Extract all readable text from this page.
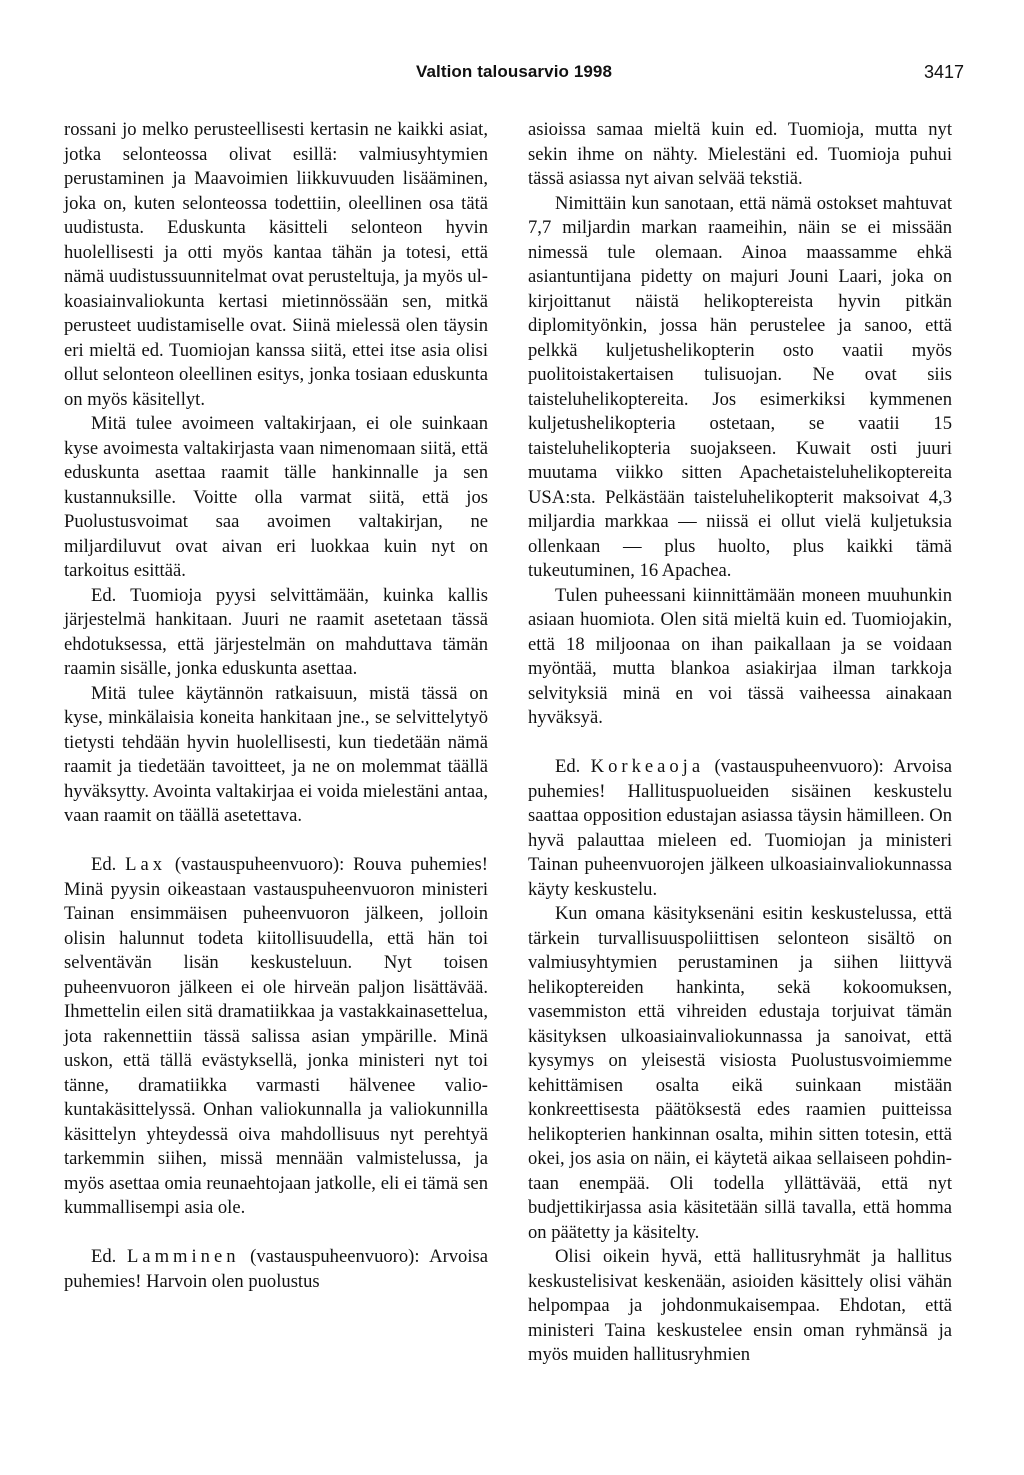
Valtion talousarvio 1998	3417

rossani jo melko perusteellisesti kertasin ne kaikki asiat, jotka selonteossa olivat esillä: valmiusyhtymien perustaminen ja Maavoimien liikkuvuuden lisääminen, joka on, kuten selonteossa todettiin, oleellinen osa tätä uudistusta. Eduskunta käsitteli selonteon hyvin huolellisesti ja otti myös kantaa tähän ja totesi, että nämä uudistussuunnitelmat ovat perusteltuja, ja myös ulkoasiainvaliokunta kertasi mietinnössään sen, mitkä perusteet uudistamiselle ovat. Siinä mielessä olen täysin eri mieltä ed. Tuomiojan kanssa siitä, ettei itse asia olisi ollut selonteon oleellinen esitys, jonka tosiaan eduskunta on myös käsitellyt.

Mitä tulee avoimeen valtakirjaan, ei ole suinkaan kyse avoimesta valtakirjasta vaan nimenomaan siitä, että eduskunta asettaa raamit tälle hankinnalle ja sen kustannuksille. Voitte olla varmat siitä, että jos Puolustusvoimat saa avoimen valtakirjan, ne miljardiluvut ovat aivan eri luokkaa kuin nyt on tarkoitus esittää.

Ed. Tuomioja pyysi selvittämään, kuinka kallis järjestelmä hankitaan. Juuri ne raamit asetetaan tässä ehdotuksessa, että järjestelmän on mahduttava tämän raamin sisälle, jonka eduskunta asettaa.

Mitä tulee käytännön ratkaisuun, mistä tässä on kyse, minkälaisia koneita hankitaan jne., se selvittelytyö tietysti tehdään hyvin huolellisesti, kun tiedetään nämä raamit ja tiedetään tavoitteet, ja ne on molemmat täällä hyväksytty. Avointa valtakirjaa ei voida mielestäni antaa, vaan raamit on täällä asetettava.

Ed. Lax (vastauspuheenvuoro): Rouva puhemies! Minä pyysin oikeastaan vastauspuheenvuoron ministeri Tainan ensimmäisen puheenvuoron jälkeen, jolloin olisin halunnut todeta kiitollisuudella, että hän toi selventävän lisän keskusteluun. Nyt toisen puheenvuoron jälkeen ei ole hirveän paljon lisättävää. Ihmettelin eilen sitä dramatiikkaa ja vastakkainasettelua, jota rakennettiin tässä salissa asian ympärille. Minä uskon, että tällä evästyksellä, jonka ministeri nyt toi tänne, dramatiikka varmasti hälvenee valiokuntakäsittelyssä. Onhan valiokunnalla ja valiokunnilla käsittelyn yhteydessä oiva mahdollisuus nyt perehtyä tarkemmin siihen, missä mennään valmistelussa, ja myös asettaa omia reunaehtojaan jatkolle, eli ei tämä sen kummallisempi asia ole.

Ed. Lamminen (vastauspuheenvuoro): Arvoisa puhemies! Harvoin olen puolustus

asioissa samaa mieltä kuin ed. Tuomioja, mutta nyt sekin ihme on nähty. Mielestäni ed. Tuomioja puhui tässä asiassa nyt aivan selvää tekstiä.

Nimittäin kun sanotaan, että nämä ostokset mahtuvat 7,7 miljardin markan raameihin, näin se ei missään nimessä tule olemaan. Ainoa maassamme ehkä asiantuntijana pidetty on majuri Jouni Laari, joka on kirjoittanut näistä helikoptereista hyvin pitkän diplomityönkin, jossa hän perustelee ja sanoo, että pelkkä kuljetushelikopterin osto vaatii myös puolitoistakertaisen tulisuojan. Ne ovat siis taisteluhelikoptereita. Jos esimerkiksi kymmenen kuljetushelikopteria ostetaan, se vaatii 15 taisteluhelikopteria suojakseen. Kuwait osti juuri muutama viikko sitten Apachetaisteluhelikoptereita USA:sta. Pelkästään taisteluhelikopterit maksoivat 4,3 miljardia markkaa — niissä ei ollut vielä kuljetuksia ollenkaan — plus huolto, plus kaikki tämä tukeutuminen, 16 Apachea.

Tulen puheessani kiinnittämään moneen muuhunkin asiaan huomiota. Olen sitä mieltä kuin ed. Tuomiojakin, että 18 miljoonaa on ihan paikallaan ja se voidaan myöntää, mutta blankoa asiakirjaa ilman tarkkoja selvityksiä minä en voi tässä vaiheessa ainakaan hyväksyä.

Ed. Korkeaoja (vastauspuheenvuoro): Arvoisa puhemies! Hallituspuolueiden sisäinen keskustelu saattaa opposition edustajan asiassa täysin hämilleen. On hyvä palauttaa mieleen ed. Tuomiojan ja ministeri Tainan puheenvuorojen jälkeen ulkoasiainvaliokunnassa käyty keskustelu.

Kun omana käsityksenäni esitin keskustelussa, että tärkein turvallisuuspoliittisen selonteon sisältö on valmiusyhtymien perustaminen ja siihen liittyvä helikoptereiden hankinta, sekä kokoomuksen, vasemmiston että vihreiden edustaja torjuivat tämän käsityksen ulkoasiainvaliokunnassa ja sanoivat, että kysymys on yleisestä visiosta Puolustusvoimiemme kehittämisen osalta eikä suinkaan mistään konkreettisesta päätöksestä edes raamien puitteissa helikopterien hankinnan osalta, mihin sitten totesin, että okei, jos asia on näin, ei käytetä aikaa sellaiseen pohdintaan enempää. Oli todella yllättävää, että nyt budjettikirjassa asia käsitetään sillä tavalla, että homma on päätetty ja käsitelty.

Olisi oikein hyvä, että hallitusryhmät ja hallitus keskustelisivat keskenään, asioiden käsittely olisi vähän helpompaa ja johdonmukaisempaa. Ehdotan, että ministeri Taina keskustelee ensin oman ryhmänsä ja myös muiden hallitusryhmien
